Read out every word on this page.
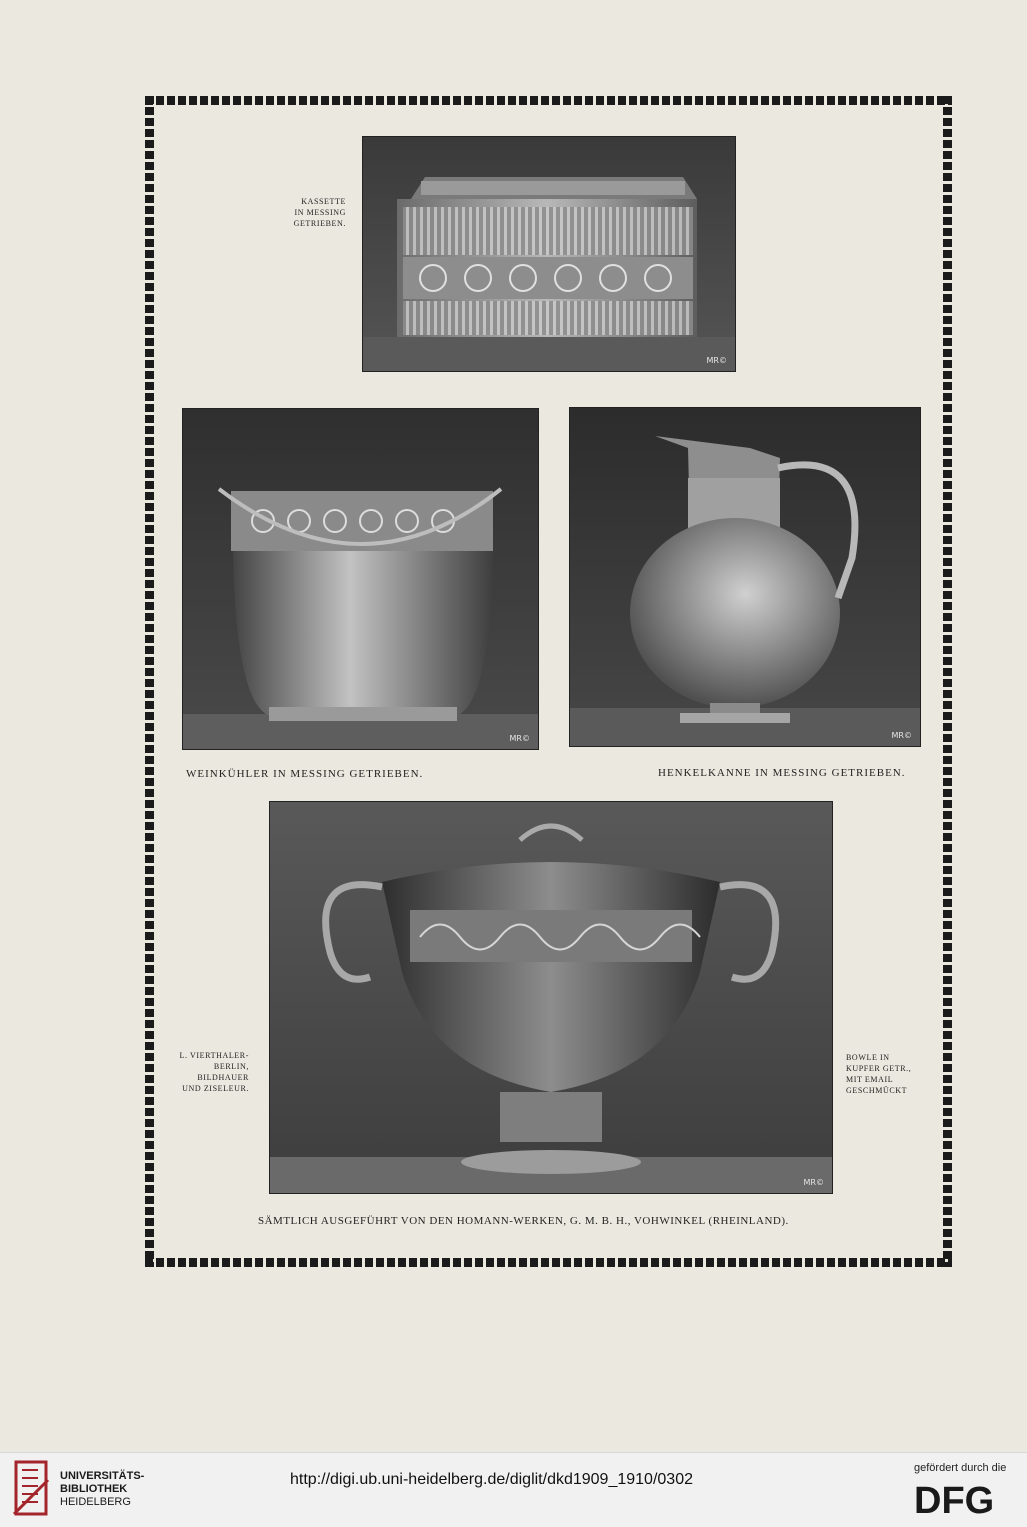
MR©
KASSETTE
IN MESSING
GETRIEBEN.
MR©	MR©
WEINKÜHLER IN MESSING GETRIEBEN.	HENKELKANNE IN MESSING GETRIEBEN.
MR©
L. VIERTHALER-
BERLIN,
BILDHAUER
UND ZISELEUR.
BOWLE IN
KUPFER GETR.,
MIT EMAIL
GESCHMÜCKT
SÄMTLICH AUSGEFÜHRT VON DEN HOMANN-WERKEN, G. M. B. H., VOHWINKEL (RHEINLAND).
UNIVERSITÄTS-
BIBLIOTHEK
HEIDELBERG
http://digi.ub.uni-heidelberg.de/diglit/dkd1909_1910/0302
gefördert durch die
DFG
